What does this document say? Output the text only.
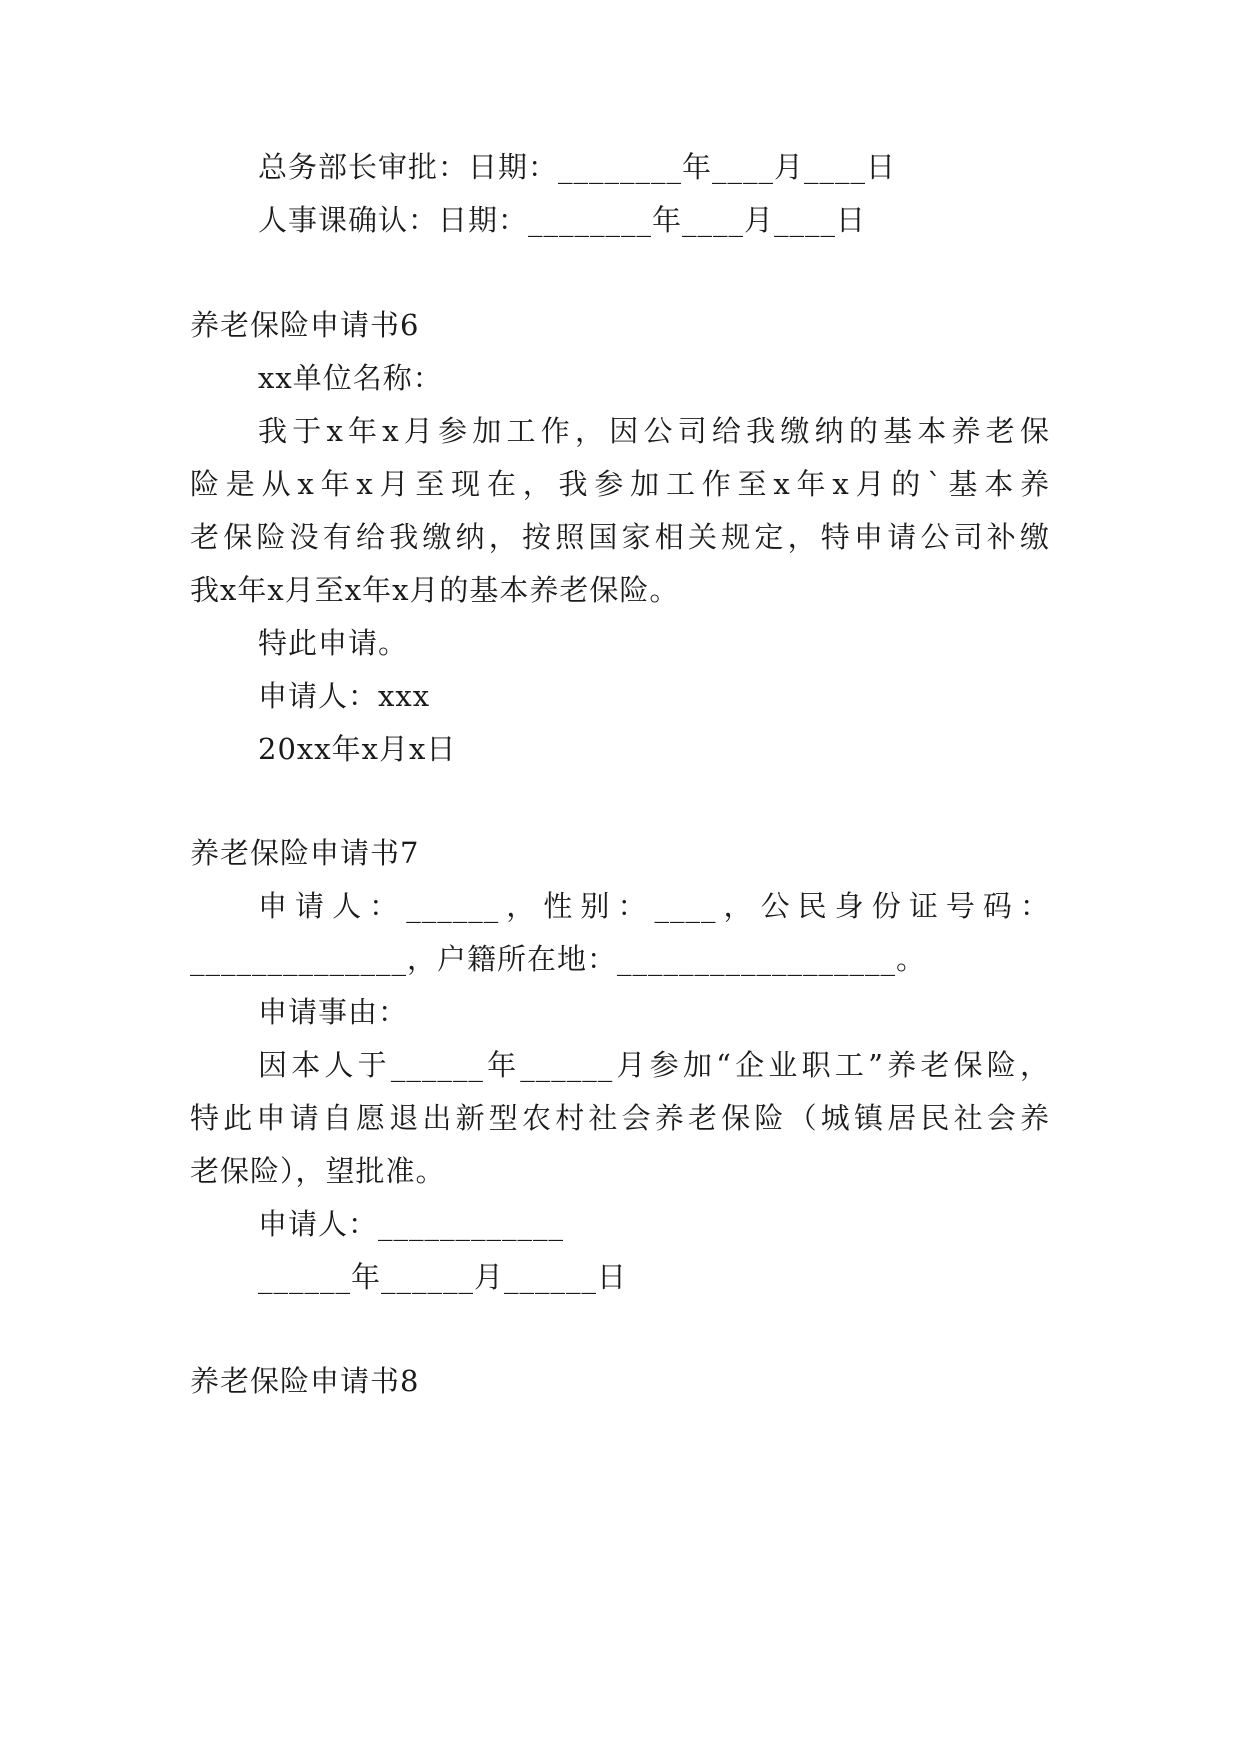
总务部长审批：日期：________年____月____日
人事课确认：日期：________年____月____日
养老保险申请书6
xx单位名称：
我于x年x月参加工作，因公司给我缴纳的基本养老保
险是从x年x月至现在，我参加工作至x年x月的`基本养
老保险没有给我缴纳，按照国家相关规定，特申请公司补缴
我x年x月至x年x月的基本养老保险。
特此申请。
申请人：xxx
20xx年x月x日
养老保险申请书7
申请人：______，性别：____，公民身份证号码：
______________，户籍所在地：__________________。
申请事由：
因本人于______年______月参加“企业职工”养老保险，
特此申请自愿退出新型农村社会养老保险（城镇居民社会养
老保险），望批准。
申请人：____________
______年______月______日
养老保险申请书8
